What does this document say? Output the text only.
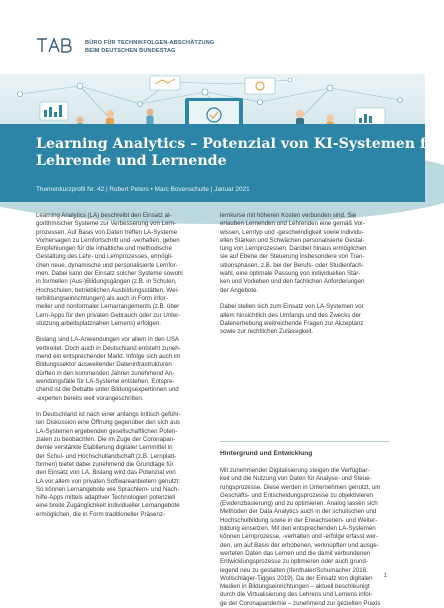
BÜRO FÜR TECHNIKFOLGEN-ABSCHÄTZUNG
BEIM DEUTSCHEN BUNDESTAG
Learning Analytics – Potenzial von KI-Systemen für
Lehrende und Lernende
Themenkurzprofil Nr. 42 | Robert Peters • Marc Bovenschulte | Januar 2021
Learning Analytics (LA) beschreibt den Einsatz al-
gorithmischer Systeme zur Verbesserung von Lern-
prozessen. Auf Basis von Daten treffen LA-Systeme
Vorhersagen zu Lernfortschritt und -verhalten, geben
Empfehlungen für die inhaltliche und methodische
Gestaltung des Lehr- und Lernprozesses, ermögli-
chen neue, dynamische und personalisierte Lernfor-
men. Dabei kann der Einsatz solcher Systeme sowohl
in formellen (Aus-)Bildungsgängen (z.B. in Schulen,
Hochschulen, betrieblichen Ausbildungsstätten, Wei-
terbildungseinrichtungen) als auch in Form infor-
meller und nonformaler Lernarrangements (z.B. über
Lern-Apps für den privaten Gebrauch oder zur Unter-
stützung arbeitsplatznahen Lernens) erfolgen.
Bislang sind LA-Anwendungen vor allem in den USA
verbreitet. Doch auch in Deutschland entsteht zuneh-
mend ein entsprechender Markt. Infolge sich auch im
Bildungssektor ausweitender Dateninfrastrukturen
dürften in den kommenden Jahren zunehmend An-
wendungsfälle für LA-Systeme entstehen. Entspre-
chend ist die Debatte unter Bildungsexpertinnen und
-experten bereits weit vorangeschritten.
In Deutschland ist nach einer anfangs kritisch geführ-
ten Diskussion eine Öffnung gegenüber den sich aus
LA-Systemen ergebenden gesellschaftlichen Poten-
zialen zu beobachten. Die im Zuge der Coronapan-
demie verstärkte Etablierung digitaler Lernmittel in
der Schul- und Hochschullandschaft (z.B. Lernplatt-
formen) bietet dabei zunehmend die Grundlage für
den Einsatz von LA. Bislang wird das Potenzial von
LA vor allem von privaten Softwareanbietern genutzt:
So können Lernangebote wie Sprachlern- und Nach-
hilfe-Apps mittels adaptiver Technologien potenziell
eine breite Zugänglichkeit individueller Lernangebote
ermöglichen, die in Form traditioneller Präsenz-
lernkurse mit höheren Kosten verbunden sind. Sie
erlauben Lernenden und Lehrenden eine gemäß Vor-
wissen, Lerntyp und -geschwindigkeit sowie individu-
ellen Stärken und Schwächen personalisierte Gestal-
tung von Lernprozessen. Darüber hinaus ermöglichen
sie auf Ebene der Steuerung insbesondere von Tran-
sitionsphasen, z.B. bei der Berufs- oder Studienfach-
wahl, eine optimale Passung von individuellen Stär-
ken und Vorlieben und den fachlichen Anforderungen
der Angebote.
Dabei stellen sich zum Einsatz von LA-Systemen vor
allem hinsichtlich des Umfangs und des Zwecks der
Datenerhebung weitreichende Fragen zur Akzeptanz
sowie zur rechtlichen Zulässigkeit.
Hintergrund und Entwicklung
Mit zunehmender Digitalisierung steigen die Verfügbar-
keit und die Nutzung von Daten für Analyse- und Steue-
rungsprozesse. Diese werden in Unternehmen genutzt, um
Geschäfts- und Entscheidungsprozesse zu objektivieren
(Evidenzbasierung) und zu optimieren. Analog lassen sich
Methoden der Data Analytics auch in der schulischen und
Hochschulbildung sowie in der Erwachsenen- und Weiter-
bildung einsetzen. Mit den entsprechenden LA-Systemen
können Lernprozesse, -verhalten und -erfolge erfasst wer-
den, um auf Basis der erhobenen, verknüpften und ausge-
werteten Daten das Lernen und die damit verbundenen
Entwicklungsprozesse zu optimieren oder auch grund-
legend neu zu gestalten (Ifenthaler/Schumacher 2016;
Wollschläger-Tigges 2019). Da der Einsatz von digitalen
Medien in Bildungseinrichtungen – aktuell beschleunigt
durch die Virtualisierung des Lehrens und Lernens infol-
ge der Coronapandemie – zunehmend zur gezielten Praxis
1
